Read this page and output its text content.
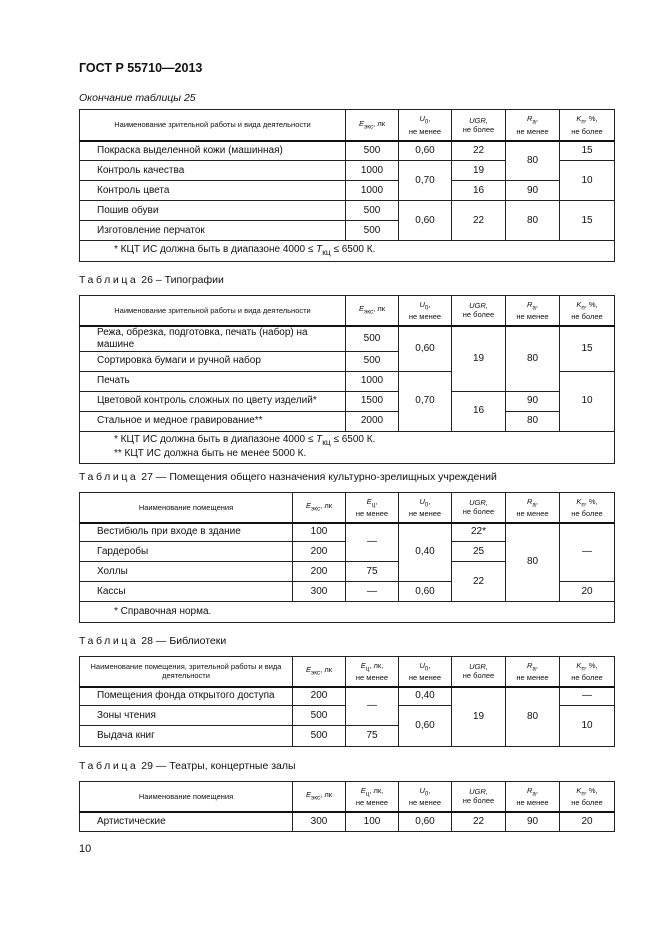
ГОСТ Р 55710—2013
Окончание таблицы 25
Наименование зрительной работы и вида деятельности	$E_{экс}$, лк	$U_0$,
не менее	UGR,
не более	$R_a$,
не менее	$K_п$, %,
не более
Покраска выделенной кожи (машинная)	500	0,60	22	80	15
Контроль качества	1000	0,70	19		10
Контроль цвета	1000		16	90	
Пошив обуви	500	0,60	22	80	15
Изготовление перчаток	500				
* КЦТ ИС должна быть в диапазоне $4000 \le T_{кц} \le 6500$ К.					
Таблица 26 – Типографии
Наименование зрительной работы и вида деятельности	$E_{экс}$, лк	$U_0$,
не менее	UGR,
не более	$R_a$,
не менее	$K_п$, %,
не более
Режа, обрезка, подготовка, печать (набор) на машине	500	0,60	19	80	15
Сортировка бумаги и ручной набор	500				
Печать	1000	0,70			10
Цветовой контроль сложных по цвету изделий*	1500		16	90	
Стальное и медное гравирование**	2000			80	
* КЦТ ИС должна быть в диапазоне $4000 \le T_{кц} \le 6500$ К.
** КЦТ ИС должна быть не менее 5000 К.					
Таблица 27 — Помещения общего назначения культурно-зрелищных учреждений
Наименование помещения	$E_{экс}$, лк	$E_ц$,
не менее	$U_0$,
не менее	UGR,
не более	$R_a$,
не менее	$K_п$, %,
не более
Вестибюль при входе в здание	100	—	0,40	22*	80	—
Гардеробы	200			25		
Холлы	200	75		22		
Кассы	300	—	0,60			20
* Справочная норма.						
Таблица 28 — Библиотеки
Наименование помещения, зрительной работы и вида деятельности	$E_{экс}$, лк	$E_ц$, лк,
не менее	$U_0$,
не менее	UGR,
не более	$R_a$,
не менее	$K_п$, %,
не более
Помещения фонда открытого доступа	200	—	0,40	19	80	—
Зоны чтения	500		0,60			10
Выдача книг	500	75				
Таблица 29 — Театры, концертные залы
Наименование помещения	$E_{экс}$, лк	$E_ц$, лк,
не менее	$U_0$,
не менее	UGR,
не более	$R_a$,
не менее	$K_п$, %,
не более
Артистические	300	100	0,60	22	90	20
10
